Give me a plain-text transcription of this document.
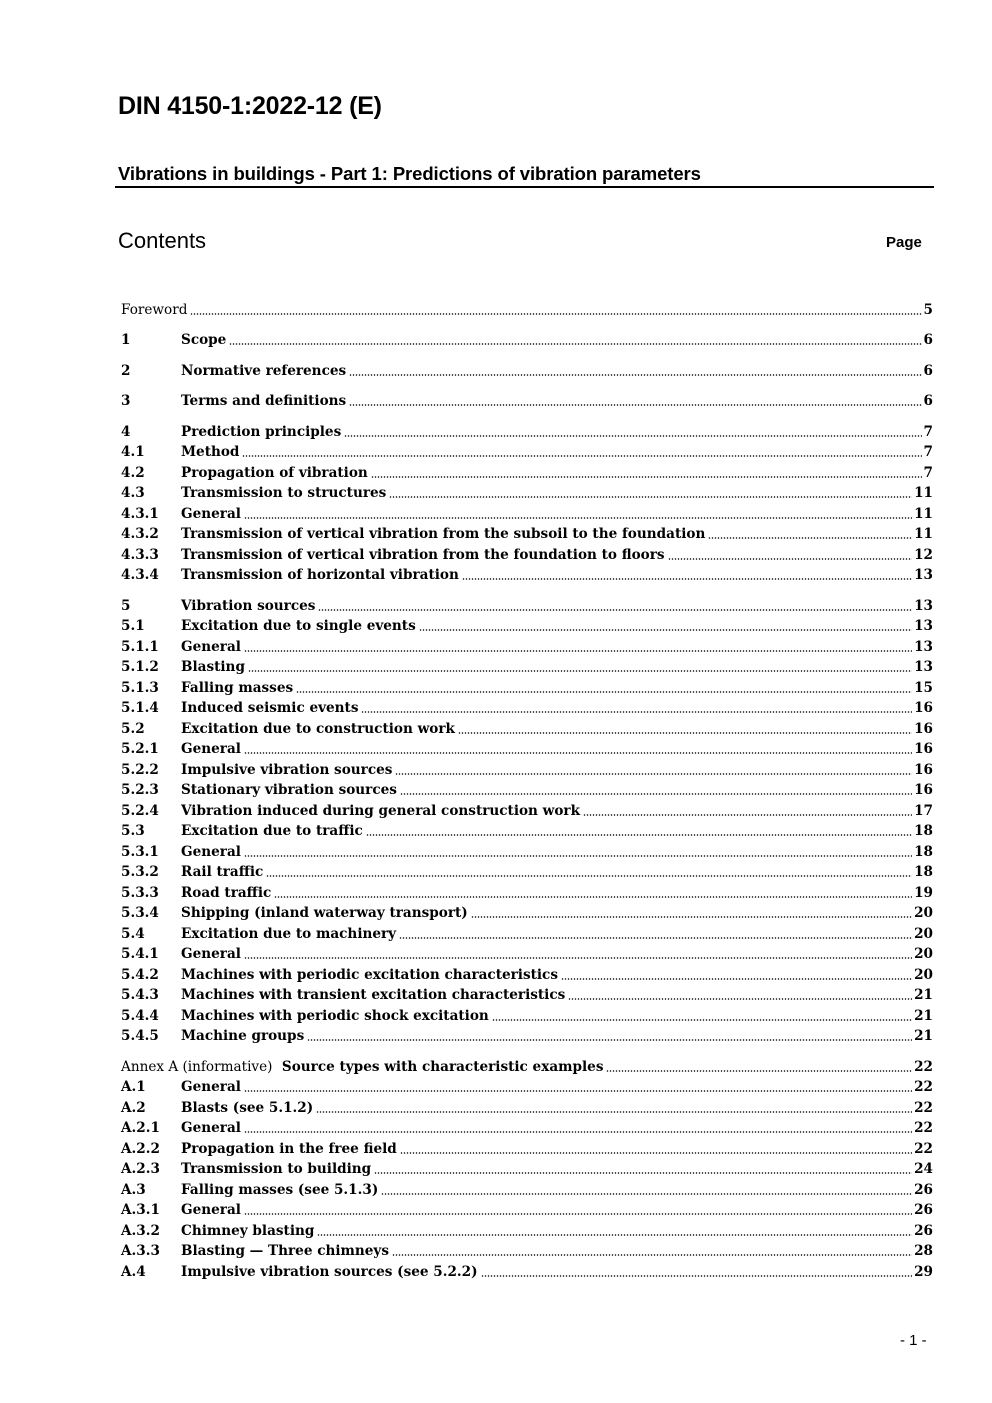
DIN 4150-1:2022-12 (E)
Vibrations in buildings - Part 1: Predictions of vibration parameters
Contents	Page
Foreword	5
1	Scope	6
2	Normative references	6
3	Terms and definitions	6
4	Prediction principles	7
4.1	Method	7
4.2	Propagation of vibration	7
4.3	Transmission to structures	11
4.3.1	General	11
4.3.2	Transmission of vertical vibration from the subsoil to the foundation	11
4.3.3	Transmission of vertical vibration from the foundation to floors	12
4.3.4	Transmission of horizontal vibration	13
5	Vibration sources	13
5.1	Excitation due to single events	13
5.1.1	General	13
5.1.2	Blasting	13
5.1.3	Falling masses	15
5.1.4	Induced seismic events	16
5.2	Excitation due to construction work	16
5.2.1	General	16
5.2.2	Impulsive vibration sources	16
5.2.3	Stationary vibration sources	16
5.2.4	Vibration induced during general construction work	17
5.3	Excitation due to traffic	18
5.3.1	General	18
5.3.2	Rail traffic	18
5.3.3	Road traffic	19
5.3.4	Shipping (inland waterway transport)	20
5.4	Excitation due to machinery	20
5.4.1	General	20
5.4.2	Machines with periodic excitation characteristics	20
5.4.3	Machines with transient excitation characteristics	21
5.4.4	Machines with periodic shock excitation	21
5.4.5	Machine groups	21
Annex A (informative)  Source types with characteristic examples	22
A.1	General	22
A.2	Blasts (see 5.1.2)	22
A.2.1	General	22
A.2.2	Propagation in the free field	22
A.2.3	Transmission to building	24
A.3	Falling masses (see 5.1.3)	26
A.3.1	General	26
A.3.2	Chimney blasting	26
A.3.3	Blasting — Three chimneys	28
A.4	Impulsive vibration sources (see 5.2.2)	29
- 1 -
